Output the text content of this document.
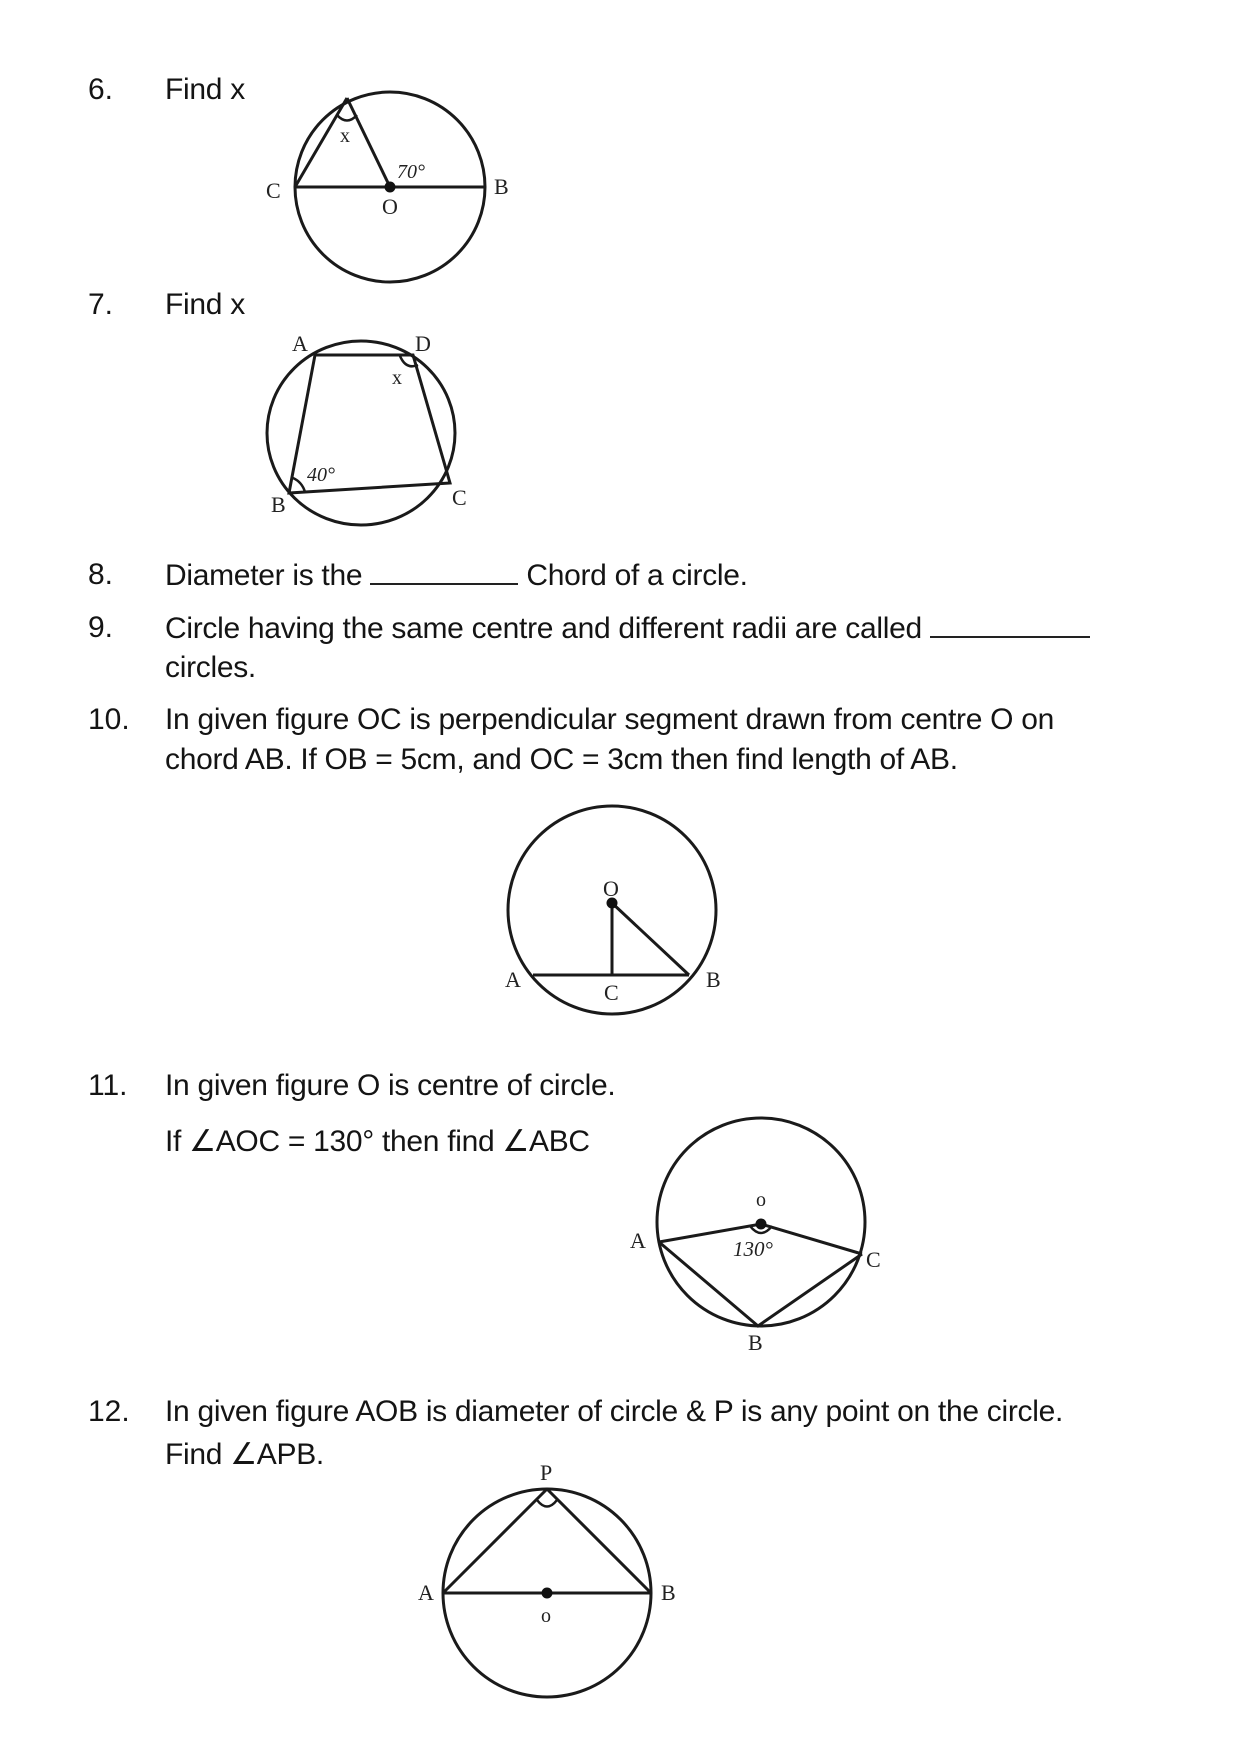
6. Find x
7. Find x
8. Diameter is the	Chord of a circle.
9. Circle having the same centre and different radii are called
circles.
10. In given figure OC is perpendicular segment drawn from centre O on
chord AB. If OB = 5cm, and OC = 3cm then find length of AB.
11. In given figure O is centre of circle.
If ∠AOC = 130° then find ∠ABC
12. In given figure AOB is diameter of circle & P is any point on the circle.
Find ∠APB.
C
O
B
70°
x
A	D
B	C
40°
x
O
A
C
B
o
A
C
B
130°
P
A	B
o
